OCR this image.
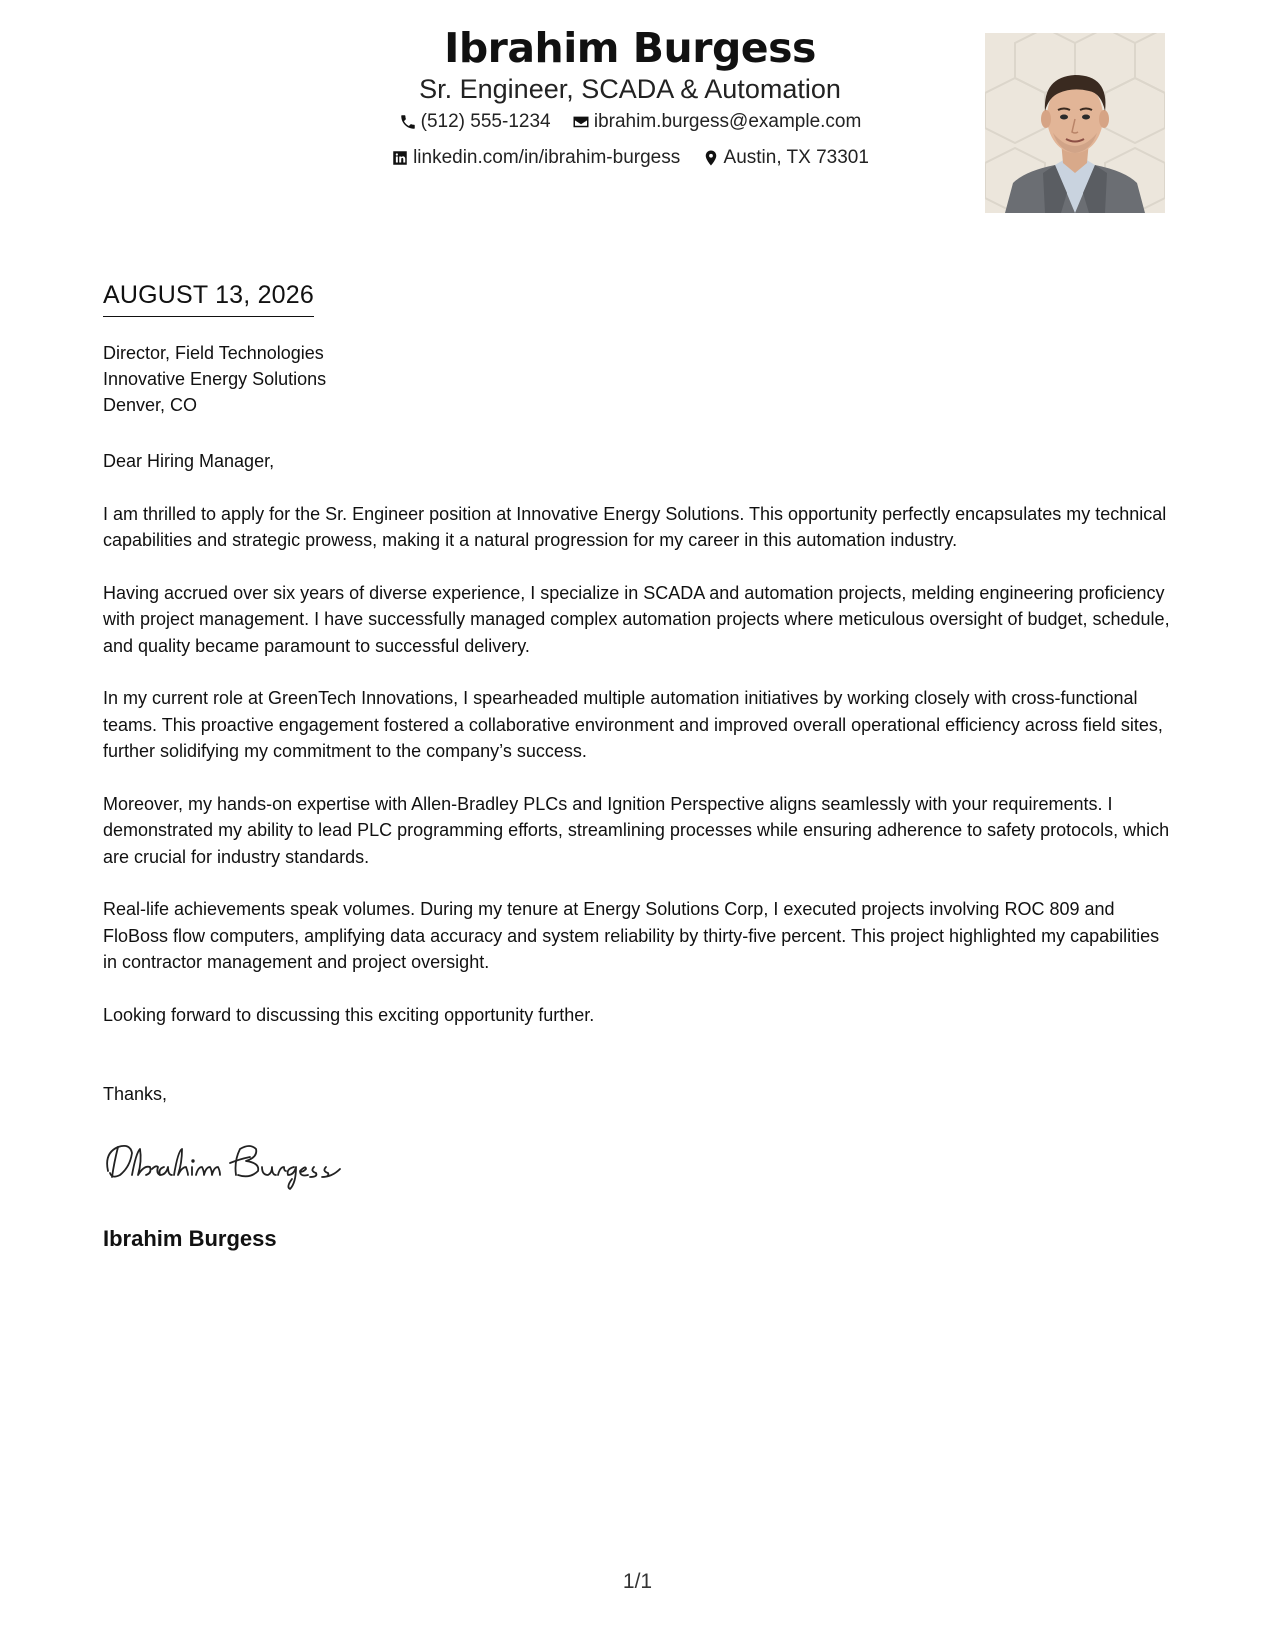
Ibrahim Burgess
Sr. Engineer, SCADA & Automation
(512) 555-1234
ibrahim.burgess@example.com
linkedin.com/in/ibrahim-burgess
Austin, TX 73301
AUGUST 13, 2026
Director, Field Technologies
Innovative Energy Solutions
Denver, CO

Dear Hiring Manager,

I am thrilled to apply for the Sr. Engineer position at Innovative Energy Solutions. This opportunity perfectly encapsulates my technical capabilities and strategic prowess, making it a natural progression for my career in this automation industry.

Having accrued over six years of diverse experience, I specialize in SCADA and automation projects, melding engineering proficiency with project management. I have successfully managed complex automation projects where meticulous oversight of budget, schedule, and quality became paramount to successful delivery.

In my current role at GreenTech Innovations, I spearheaded multiple automation initiatives by working closely with cross-functional teams. This proactive engagement fostered a collaborative environment and improved overall operational efficiency across field sites, further solidifying my commitment to the company’s success.

Moreover, my hands-on expertise with Allen-Bradley PLCs and Ignition Perspective aligns seamlessly with your requirements. I demonstrated my ability to lead PLC programming efforts, streamlining processes while ensuring adherence to safety protocols, which are crucial for industry standards.

Real-life achievements speak volumes. During my tenure at Energy Solutions Corp, I executed projects involving ROC 809 and FloBoss flow computers, amplifying data accuracy and system reliability by thirty-five percent. This project highlighted my capabilities in contractor management and project oversight.

Looking forward to discussing this exciting opportunity further.

Thanks,
Ibrahim Burgess
1/1
